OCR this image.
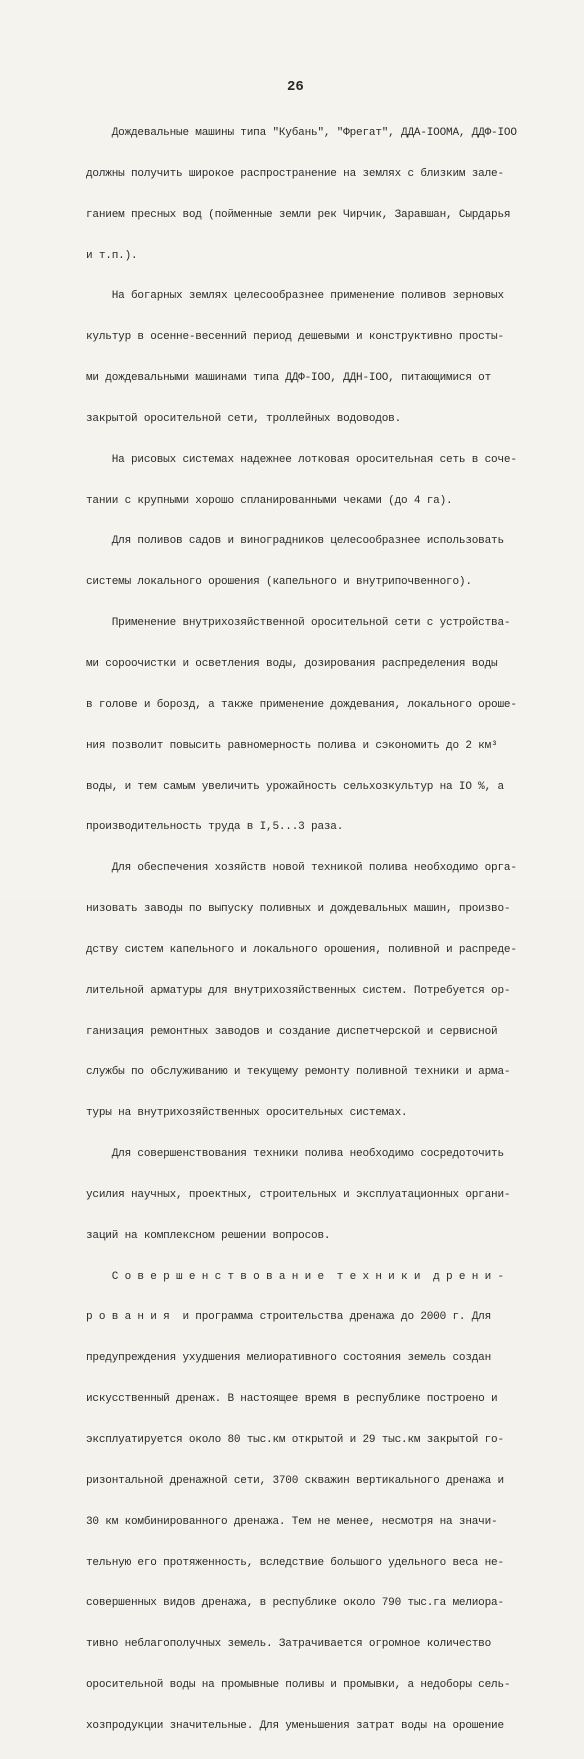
26

Дождевальные машины типа "Кубань", "Фрегат", ДДА-IООМА, ДДФ-IОО

должны получить широкое распространение на землях с близким зале-

ганием пресных вод (пойменные земли рек Чирчик, Заравшан, Сырдарья

и т.п.).

На богарных землях целесообразнее применение поливов зерновых

культур в осенне-весенний период дешевыми и конструктивно просты-

ми дождевальными машинами типа ДДФ-IОО, ДДН-IОО, питающимися от

закрытой оросительной сети, троллейных водоводов.

На рисовых системах надежнее лотковая оросительная сеть в соче-

тании с крупными хорошо спланированными чеками (до 4 га).

Для поливов садов и виноградников целесообразнее использовать

системы локального орошения (капельного и внутрипочвенного).

Применение внутрихозяйственной оросительной сети с устройства-

ми сороочистки и осветления воды, дозирования распределения воды

в голове и борозд, а также применение дождевания, локального ороше-

ния позволит повысить равномерность полива и сэкономить до 2 км³

воды, и тем самым увеличить урожайность сельхозкультур на IО %, а

производительность труда в I,5...3 раза.

Для обеспечения хозяйств новой техникой полива необходимо орга-

низовать заводы по выпуску поливных и дождевальных машин, произво-

дству систем капельного и локального орошения, поливной и распреде-

лительной арматуры для внутрихозяйственных систем. Потребуется ор-

ганизация ремонтных заводов и создание диспетчерской и сервисной

службы по обслуживанию и текущему ремонту поливной техники и арма-

туры на внутрихозяйственных оросительных системах.

Для совершенствования техники полива необходимо сосредоточить

усилия научных, проектных, строительных и эксплуатационных органи-

заций на комплексном решении вопросов.

С о в е р ш е н с т в о в а н и е  т е х н и к и  д р е н и -

р о в а н и я  и программа строительства дренажа до 2000 г. Для

предупреждения ухудшения мелиоративного состояния земель создан

искусственный дренаж. В настоящее время в республике построено и

эксплуатируется около 80 тыс.км открытой и 29 тыс.км закрытой го-

ризонтальной дренажной сети, 3700 скважин вертикального дренажа и

30 км комбинированного дренажа. Тем не менее, несмотря на значи-

тельную его протяженность, вследствие большого удельного веса не-

совершенных видов дренажа, в республике около 790 тыс.га мелиора-

тивно неблагополучных земель. Затрачивается огромное количество

оросительной воды на промывные поливы и промывки, а недоборы сель-

хозпродукции значительные. Для уменьшения затрат воды на орошение
